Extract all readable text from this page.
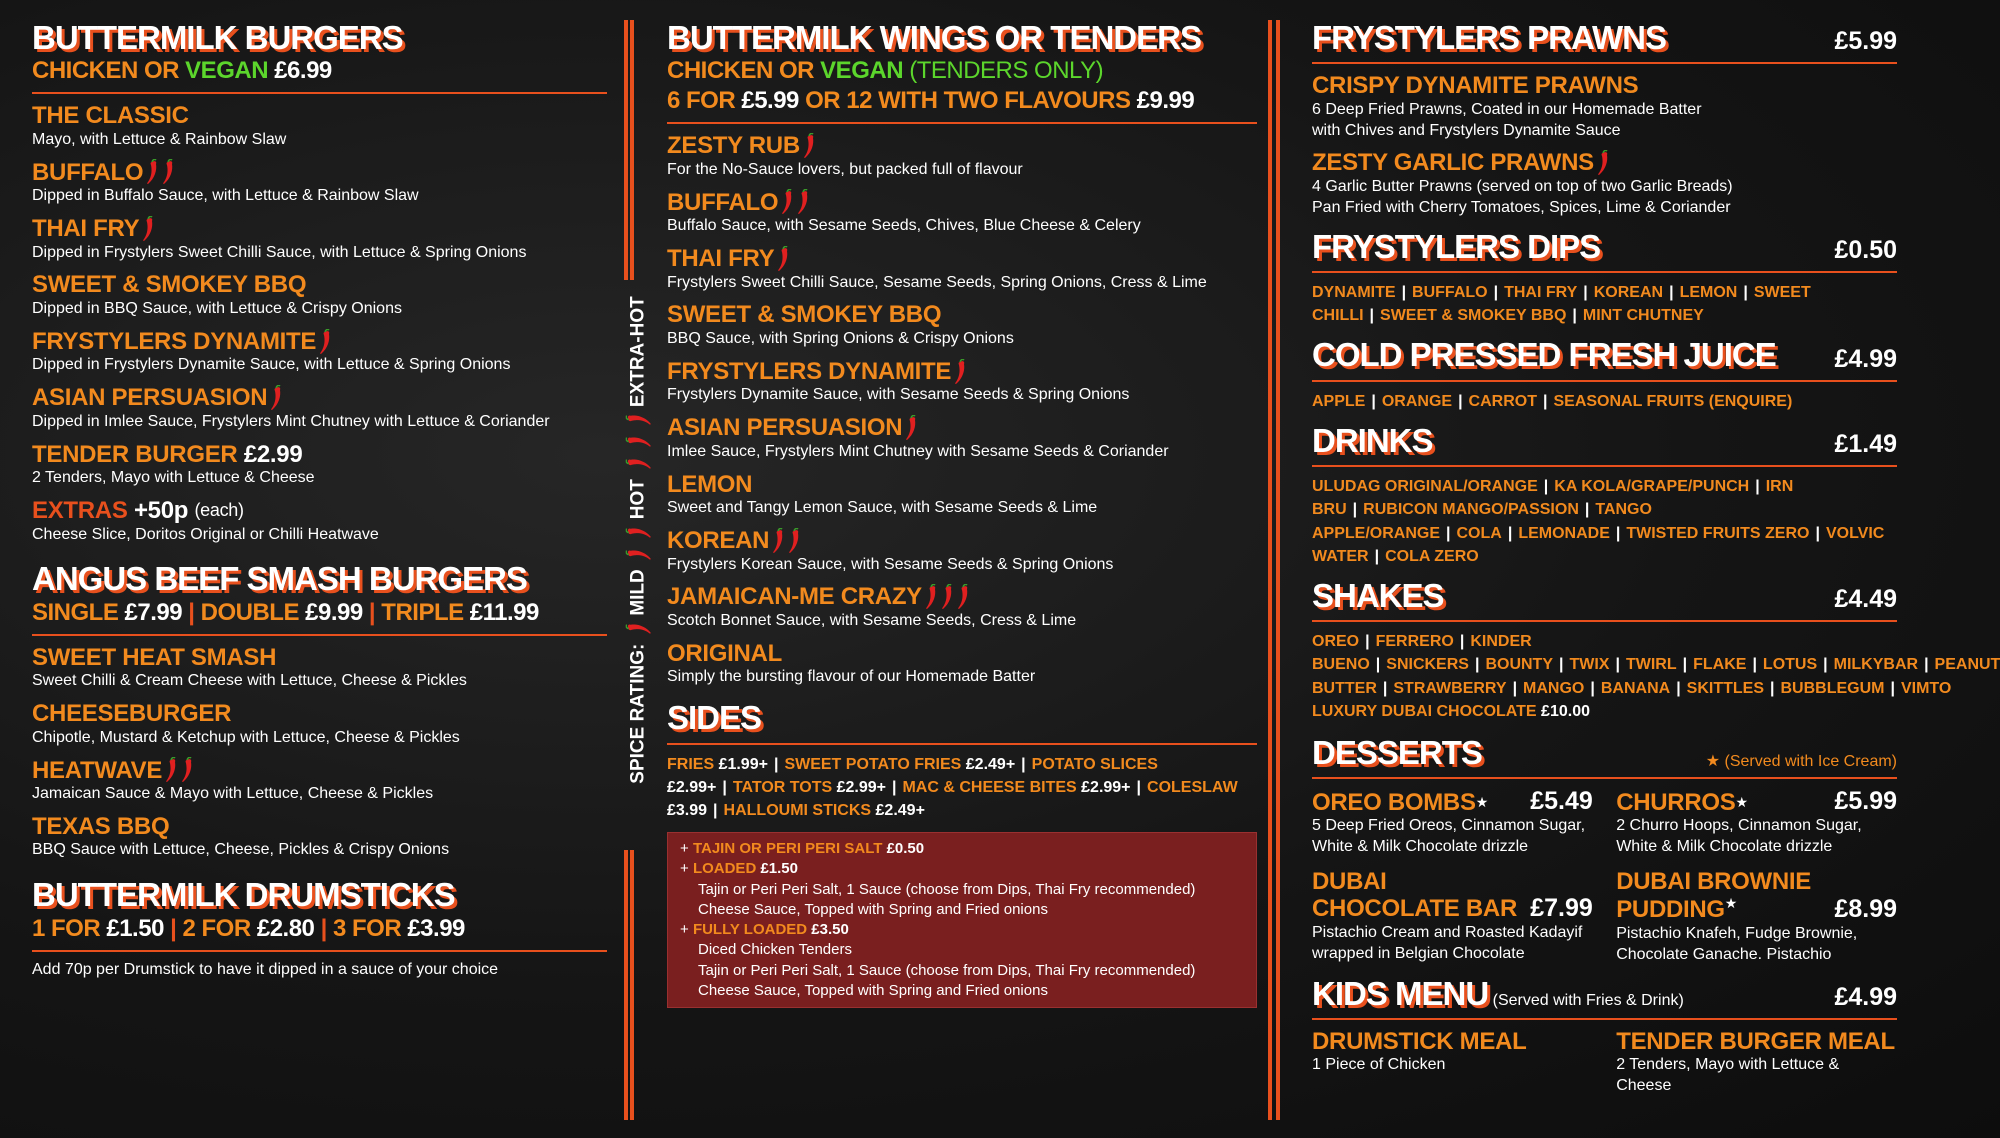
BUTTERMILK BURGERS
CHICKEN OR VEGAN £6.99
THE CLASSIC
Mayo, with Lettuce & Rainbow Slaw
BUFFALO
Dipped in Buffalo Sauce, with Lettuce & Rainbow Slaw
THAI FRY
Dipped in Frystylers Sweet Chilli Sauce, with Lettuce & Spring Onions
SWEET & SMOKEY BBQ
Dipped in BBQ Sauce, with Lettuce & Crispy Onions
FRYSTYLERS DYNAMITE
Dipped in Frystylers Dynamite Sauce, with Lettuce & Spring Onions
ASIAN PERSUASION
Dipped in Imlee Sauce, Frystylers Mint Chutney with Lettuce & Coriander
TENDER BURGER
£2.99
2 Tenders, Mayo with Lettuce & Cheese
EXTRAS
+50p
(each)
Cheese Slice, Doritos Original or Chilli Heatwave
ANGUS BEEF SMASH BURGERS
SINGLE £7.99 | DOUBLE £9.99 | TRIPLE £11.99
SWEET HEAT SMASH
Sweet Chilli & Cream Cheese with Lettuce, Cheese & Pickles
CHEESEBURGER
Chipotle, Mustard & Ketchup with Lettuce, Cheese & Pickles
HEATWAVE
Jamaican Sauce & Mayo with Lettuce, Cheese & Pickles
TEXAS BBQ
BBQ Sauce with Lettuce, Cheese, Pickles & Crispy Onions
BUTTERMILK DRUMSTICKS
1 FOR £1.50 | 2 FOR £2.80 | 3 FOR £3.99
Add 70p per Drumstick to have it dipped in a sauce of your choice
SPICE RATING:
MILD
HOT
EXTRA-HOT
BUTTERMILK WINGS OR TENDERS
CHICKEN OR VEGAN (TENDERS ONLY)
6 FOR £5.99 OR 12 WITH TWO FLAVOURS £9.99
ZESTY RUB
For the No-Sauce lovers, but packed full of flavour
BUFFALO
Buffalo Sauce, with Sesame Seeds, Chives, Blue Cheese & Celery
THAI FRY
Frystylers Sweet Chilli Sauce, Sesame Seeds, Spring Onions, Cress & Lime
SWEET & SMOKEY BBQ
BBQ Sauce, with Spring Onions & Crispy Onions
FRYSTYLERS DYNAMITE
Frystylers Dynamite Sauce, with Sesame Seeds & Spring Onions
ASIAN PERSUASION
Imlee Sauce, Frystylers Mint Chutney with Sesame Seeds & Coriander
LEMON
Sweet and Tangy Lemon Sauce, with Sesame Seeds & Lime
KOREAN
Frystylers Korean Sauce, with Sesame Seeds & Spring Onions
JAMAICAN-ME CRAZY
Scotch Bonnet Sauce, with Sesame Seeds, Cress & Lime
ORIGINAL
Simply the bursting flavour of our Homemade Batter
SIDES
FRIES £1.99+ | SWEET POTATO FRIES £2.49+ | POTATO SLICES £2.99+ | TATOR TOTS £2.99+ | MAC & CHEESE BITES £2.99+ | COLESLAW £3.99 | HALLOUMI STICKS £2.49+
+ TAJIN OR PERI PERI SALT £0.50
+ LOADED £1.50
Tajin or Peri Peri Salt, 1 Sauce (choose from Dips, Thai Fry recommended)
Cheese Sauce, Topped with Spring and Fried onions
+ FULLY LOADED £3.50
Diced Chicken Tenders
Tajin or Peri Peri Salt, 1 Sauce (choose from Dips, Thai Fry recommended)
Cheese Sauce, Topped with Spring and Fried onions
FRYSTYLERS PRAWNS	£5.99
CRISPY DYNAMITE PRAWNS
6 Deep Fried Prawns, Coated in our Homemade Batter
with Chives and Frystylers Dynamite Sauce
ZESTY GARLIC PRAWNS
4 Garlic Butter Prawns (served on top of two Garlic Breads)
Pan Fried with Cherry Tomatoes, Spices, Lime & Coriander
FRYSTYLERS DIPS	£0.50
DYNAMITE | BUFFALO | THAI FRY | KOREAN | LEMON | SWEET CHILLI | SWEET & SMOKEY BBQ | MINT CHUTNEY
COLD PRESSED FRESH JUICE £4.99
APPLE | ORANGE | CARROT | SEASONAL FRUITS (ENQUIRE)
DRINKS	£1.49
ULUDAG ORIGINAL/ORANGE | KA KOLA/GRAPE/PUNCH | IRN BRU | RUBICON MANGO/PASSION | TANGO APPLE/ORANGE | COLA | LEMONADE | TWISTED FRUITS ZERO | VOLVIC WATER | COLA ZERO
SHAKES	£4.49
OREO | FERRERO | KINDER BUENO | SNICKERS | BOUNTY | TWIX | TWIRL | FLAKE | LOTUS | MILKYBAR | PEANUT BUTTER | STRAWBERRY | MANGO | BANANA | SKITTLES | BUBBLEGUM | VIMTO
LUXURY DUBAI CHOCOLATE £10.00
DESSERTS	★ (Served with Ice Cream)
OREO BOMBS ★ £5.49
5 Deep Fried Oreos, Cinnamon Sugar,
White & Milk Chocolate drizzle
CHURROS ★	£5.99
2 Churro Hoops, Cinnamon Sugar,
White & Milk Chocolate drizzle
DUBAI CHOCOLATE BAR £7.99
Pistachio Cream and Roasted Kadayif
wrapped in Belgian Chocolate
DUBAI BROWNIE PUDDING★	£8.99
Pistachio Knafeh, Fudge Brownie,
Chocolate Ganache. Pistachio
KIDS MENU (Served with Fries & Drink)	£4.99
DRUMSTICK MEAL
1 Piece of Chicken
TENDER BURGER MEAL
2 Tenders, Mayo with Lettuce & Cheese
